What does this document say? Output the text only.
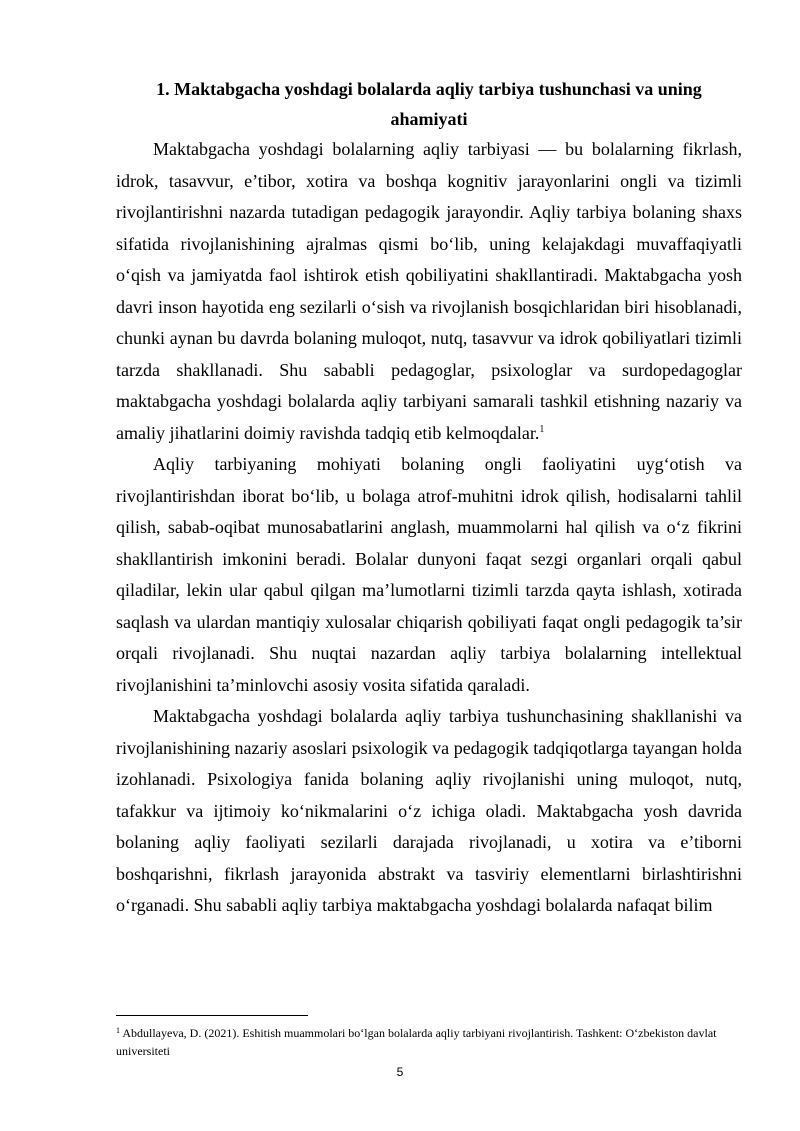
1. Maktabgacha yoshdagi bolalarda aqliy tarbiya tushunchasi va uning ahamiyati

Maktabgacha yoshdagi bolalarning aqliy tarbiyasi — bu bolalarning fikrlash, idrok, tasavvur, e’tibor, xotira va boshqa kognitiv jarayonlarini ongli va tizimli rivojlantirishni nazarda tutadigan pedagogik jarayondir. Aqliy tarbiya bolaning shaxs sifatida rivojlanishining ajralmas qismi bo‘lib, uning kelajakdagi muvaffaqiyatli o‘qish va jamiyatda faol ishtirok etish qobiliyatini shakllantiradi. Maktabgacha yosh davri inson hayotida eng sezilarli o‘sish va rivojlanish bosqichlaridan biri hisoblanadi, chunki aynan bu davrda bolaning muloqot, nutq, tasavvur va idrok qobiliyatlari tizimli tarzda shakllanadi. Shu sababli pedagoglar, psixologlar va surdopedagoglar maktabgacha yoshdagi bolalarda aqliy tarbiyani samarali tashkil etishning nazariy va amaliy jihatlarini doimiy ravishda tadqiq etib kelmoqdalar.$^1$

Aqliy tarbiyaning mohiyati bolaning ongli faoliyatini uyg‘otish va rivojlantirishdan iborat bo‘lib, u bolaga atrof-muhitni idrok qilish, hodisalarni tahlil qilish, sabab-oqibat munosabatlarini anglash, muammolarni hal qilish va o‘z fikrini shakllantirish imkonini beradi. Bolalar dunyoni faqat sezgi organlari orqali qabul qiladilar, lekin ular qabul qilgan ma’lumotlarni tizimli tarzda qayta ishlash, xotirada saqlash va ulardan mantiqiy xulosalar chiqarish qobiliyati faqat ongli pedagogik ta’sir orqali rivojlanadi. Shu nuqtai nazardan aqliy tarbiya bolalarning intellektual rivojlanishini ta’minlovchi asosiy vosita sifatida qaraladi.

Maktabgacha yoshdagi bolalarda aqliy tarbiya tushunchasining shakllanishi va rivojlanishining nazariy asoslari psixologik va pedagogik tadqiqotlarga tayangan holda izohlanadi. Psixologiya fanida bolaning aqliy rivojlanishi uning muloqot, nutq, tafakkur va ijtimoiy ko‘nikmalarini o‘z ichiga oladi. Maktabgacha yosh davrida bolaning aqliy faoliyati sezilarli darajada rivojlanadi, u xotira va e’tiborni boshqarishni, fikrlash jarayonida abstrakt va tasviriy elementlarni birlashtirishni o‘rganadi. Shu sababli aqliy tarbiya maktabgacha yoshdagi bolalarda nafaqat bilim

$^1$ Abdullayeva, D. (2021). Eshitish muammolari bo‘lgan bolalarda aqliy tarbiyani rivojlantirish. Tashkent: O‘zbekiston davlat universiteti
5
